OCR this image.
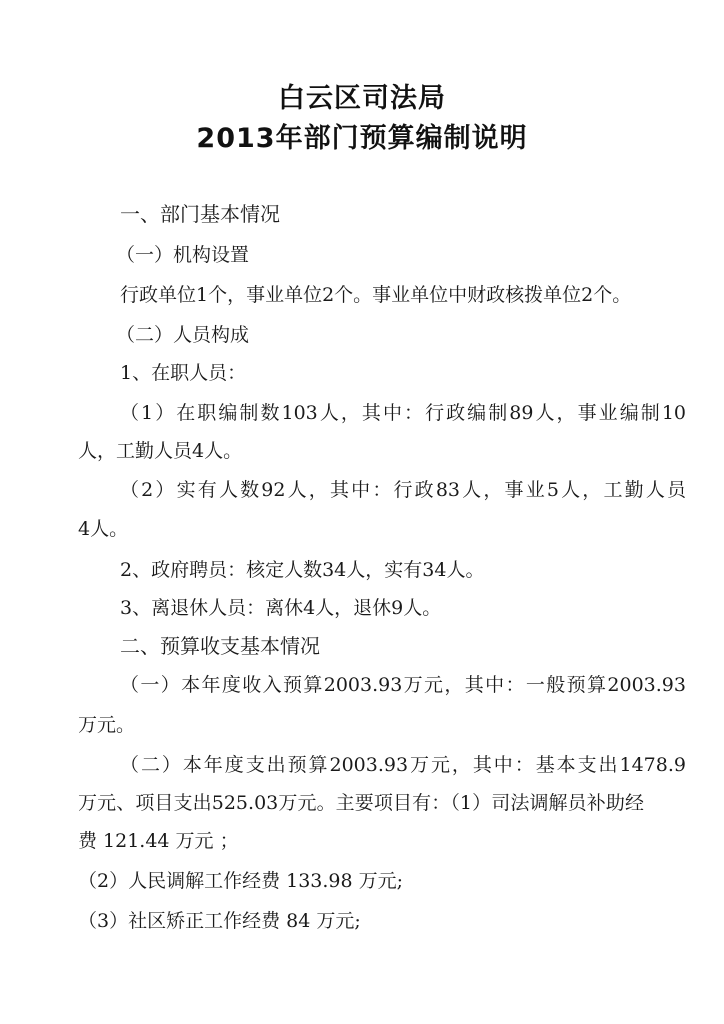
白云区司法局
2013年部门预算编制说明
一、部门基本情况
（一）机构设置
行政单位1个，事业单位2个。事业单位中财政核拨单位2个。
（二）人员构成
1、在职人员：
（1）在职编制数103人，其中：行政编制89人，事业编制10
人，工勤人员4人。
（2）实有人数92人，其中：行政83人，事业5人，工勤人员
4人。
2、政府聘员：核定人数34人，实有34人。
3、离退休人员：离休4人，退休9人。
二、预算收支基本情况
（一）本年度收入预算2003.93万元，其中：一般预算2003.93
万元。
（二）本年度支出预算2003.93万元，其中：基本支出1478.9
万元、项目支出525.03万元。主要项目有：（1）司法调解员补助经
费 121.44 万元 ；
（2）人民调解工作经费 133.98 万元;
（3）社区矫正工作经费 84 万元;
